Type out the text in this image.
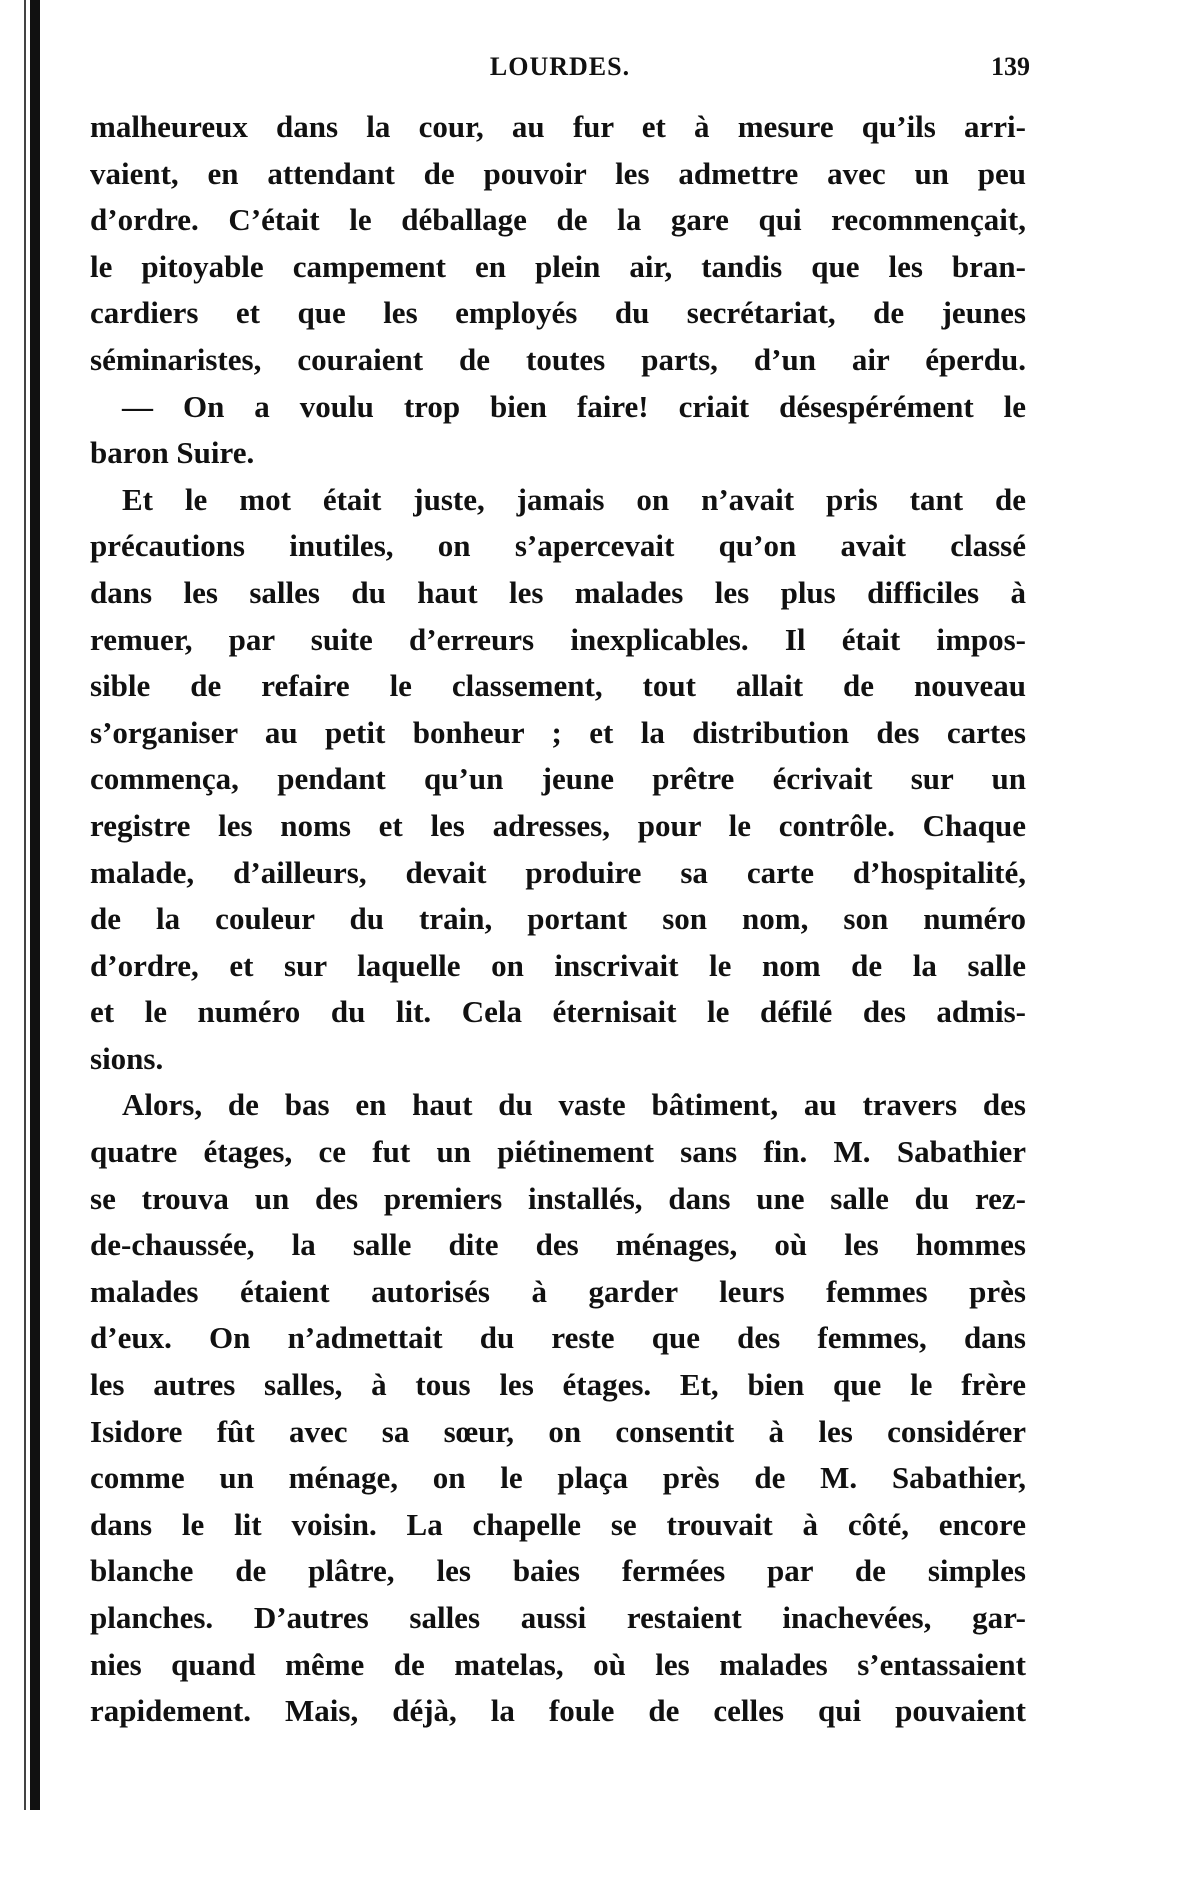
LOURDES.	139
malheureux dans la cour, au fur et à mesure qu’ils arri-
vaient, en attendant de pouvoir les admettre avec un peu
d’ordre. C’était le déballage de la gare qui recommençait,
le pitoyable campement en plein air, tandis que les bran-
cardiers et que les employés du secrétariat, de jeunes
séminaristes, couraient de toutes parts, d’un air éperdu.
— On a voulu trop bien faire! criait désespérément le
baron Suire.
Et le mot était juste, jamais on n’avait pris tant de
précautions inutiles, on s’apercevait qu’on avait classé
dans les salles du haut les malades les plus difficiles à
remuer, par suite d’erreurs inexplicables. Il était impos-
sible de refaire le classement, tout allait de nouveau
s’organiser au petit bonheur ; et la distribution des cartes
commença, pendant qu’un jeune prêtre écrivait sur un
registre les noms et les adresses, pour le contrôle. Chaque
malade, d’ailleurs, devait produire sa carte d’hospitalité,
de la couleur du train, portant son nom, son numéro
d’ordre, et sur laquelle on inscrivait le nom de la salle
et le numéro du lit. Cela éternisait le défilé des admis-
sions.
Alors, de bas en haut du vaste bâtiment, au travers des
quatre étages, ce fut un piétinement sans fin. M. Sabathier
se trouva un des premiers installés, dans une salle du rez-
de-chaussée, la salle dite des ménages, où les hommes
malades étaient autorisés à garder leurs femmes près
d’eux. On n’admettait du reste que des femmes, dans
les autres salles, à tous les étages. Et, bien que le frère
Isidore fût avec sa sœur, on consentit à les considérer
comme un ménage, on le plaça près de M. Sabathier,
dans le lit voisin. La chapelle se trouvait à côté, encore
blanche de plâtre, les baies fermées par de simples
planches. D’autres salles aussi restaient inachevées, gar-
nies quand même de matelas, où les malades s’entassaient
rapidement. Mais, déjà, la foule de celles qui pouvaient
